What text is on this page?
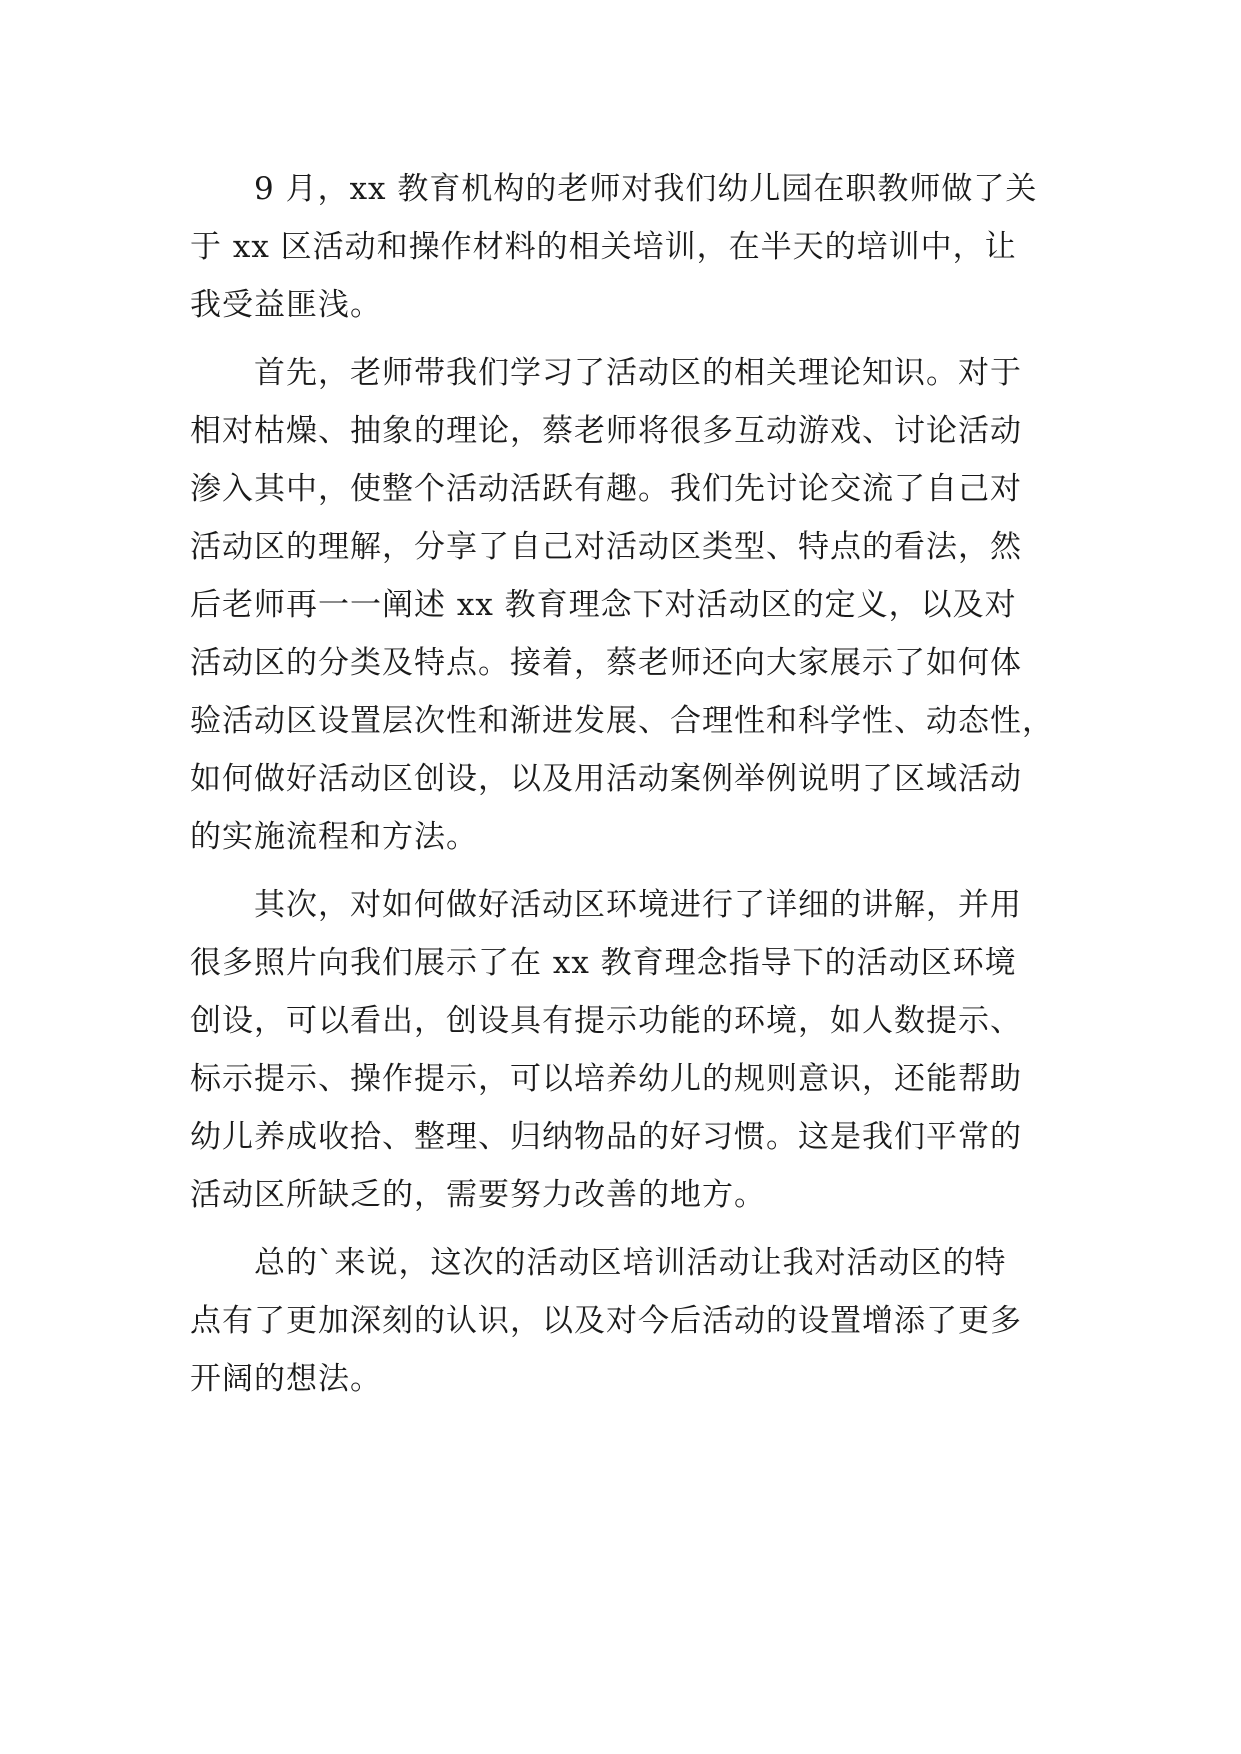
9 月，xx 教育机构的老师对我们幼儿园在职教师做了关
于 xx 区活动和操作材料的相关培训，在半天的培训中，让
我受益匪浅。
首先，老师带我们学习了活动区的相关理论知识。对于
相对枯燥、抽象的理论，蔡老师将很多互动游戏、讨论活动
渗入其中，使整个活动活跃有趣。我们先讨论交流了自己对
活动区的理解，分享了自己对活动区类型、特点的看法，然
后老师再一一阐述 xx 教育理念下对活动区的定义，以及对
活动区的分类及特点。接着，蔡老师还向大家展示了如何体
验活动区设置层次性和渐进发展、合理性和科学性、动态性，
如何做好活动区创设，以及用活动案例举例说明了区域活动
的实施流程和方法。
其次，对如何做好活动区环境进行了详细的讲解，并用
很多照片向我们展示了在 xx 教育理念指导下的活动区环境
创设，可以看出，创设具有提示功能的环境，如人数提示、
标示提示、操作提示，可以培养幼儿的规则意识，还能帮助
幼儿养成收拾、整理、归纳物品的好习惯。这是我们平常的
活动区所缺乏的，需要努力改善的地方。
总的`来说，这次的活动区培训活动让我对活动区的特
点有了更加深刻的认识，以及对今后活动的设置增添了更多
开阔的想法。
